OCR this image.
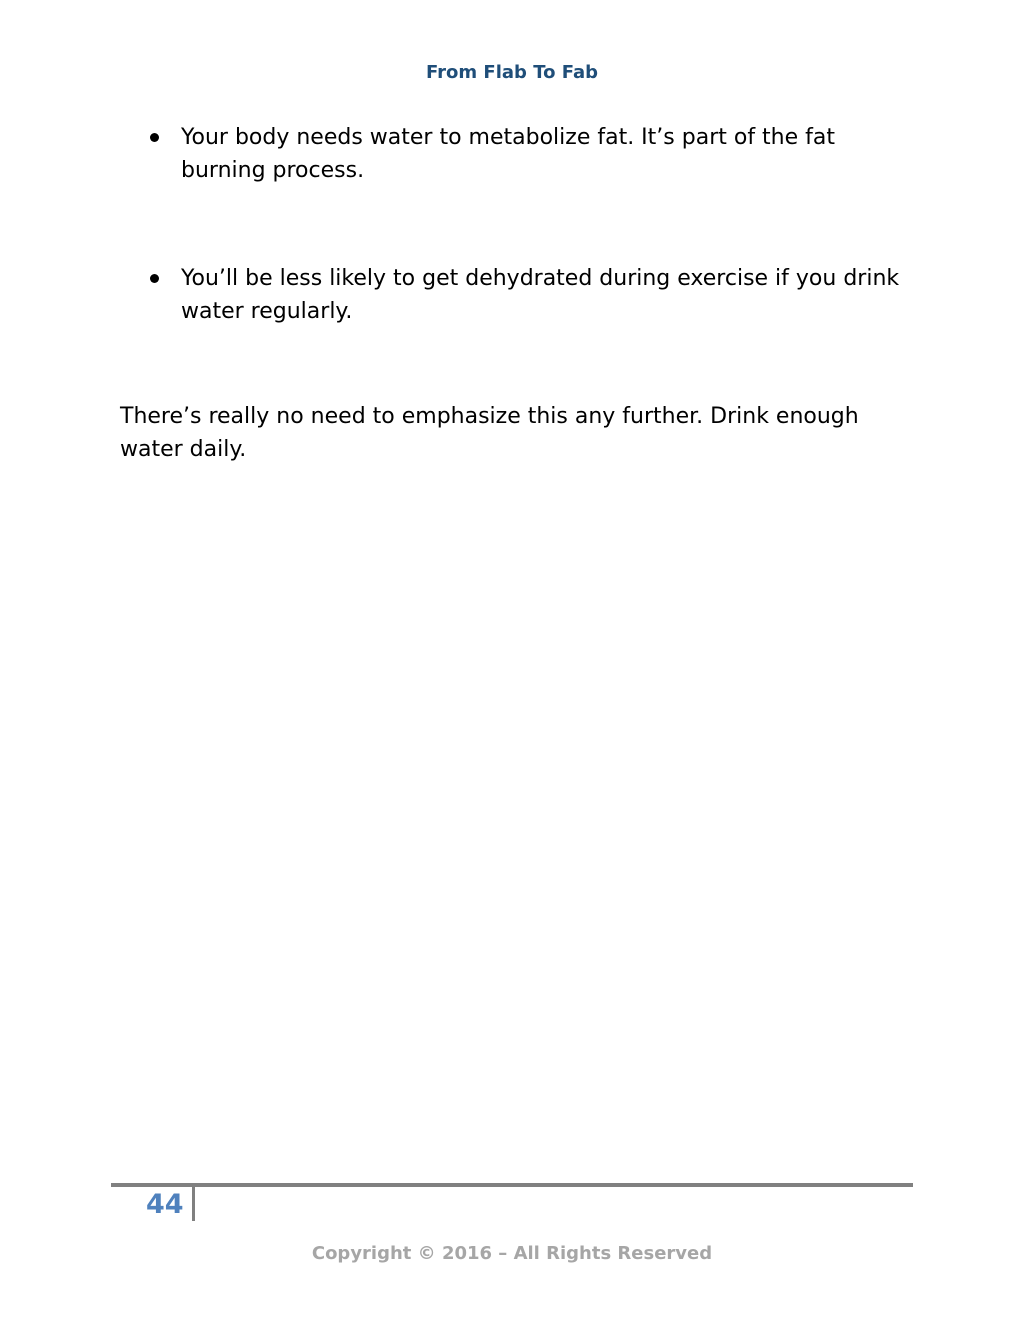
From Flab To Fab
Your body needs water to metabolize fat. It’s part of the fat burning process.
You’ll be less likely to get dehydrated during exercise if you drink water regularly.
There’s really no need to emphasize this any further. Drink enough water daily.
44
Copyright © 2016 – All Rights Reserved
